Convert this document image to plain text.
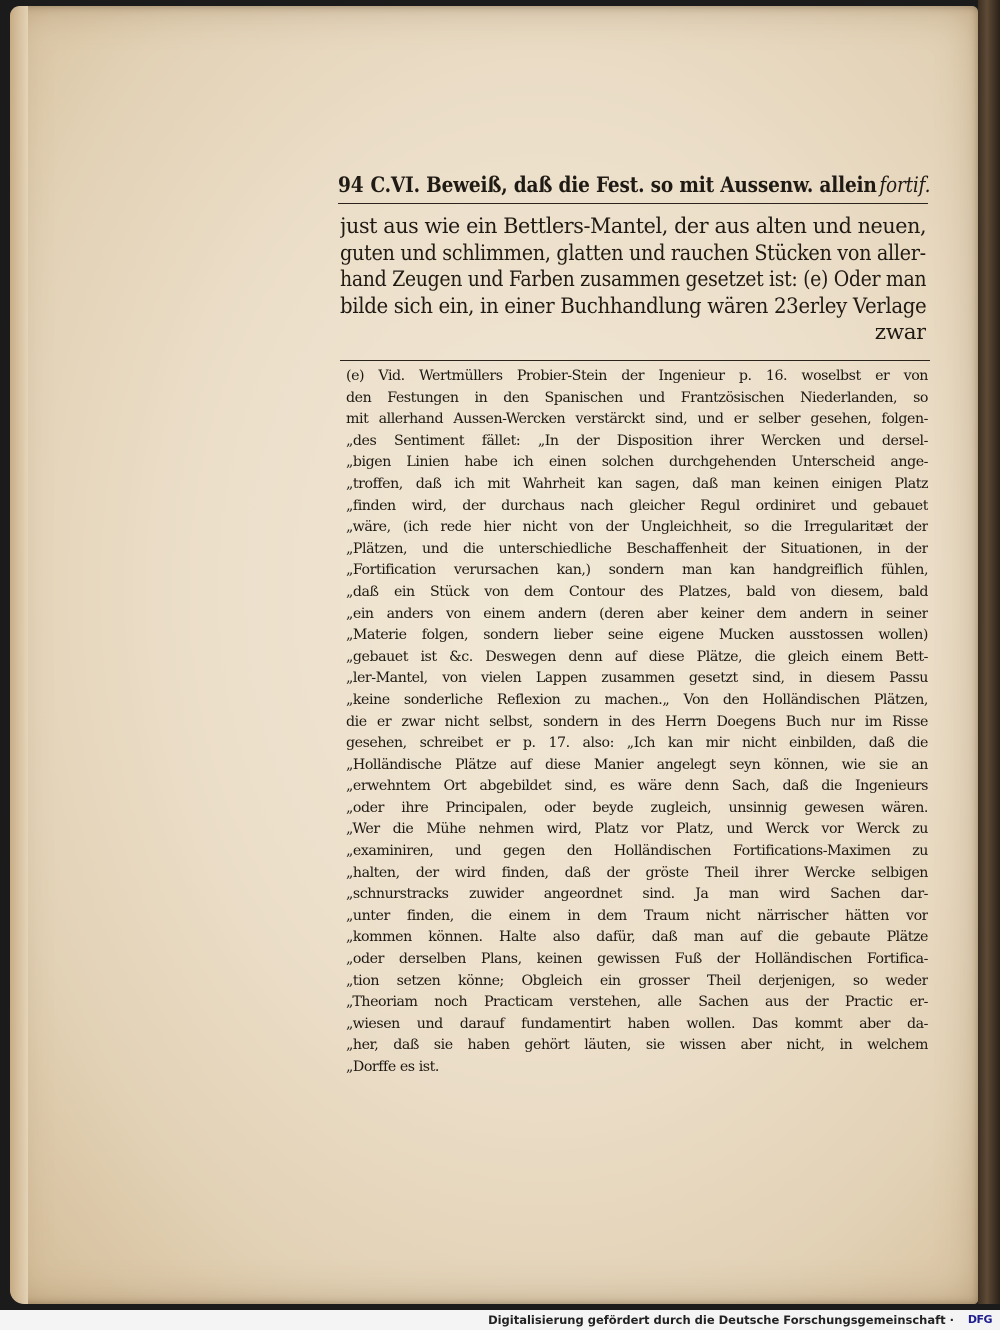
94 C.VI. Beweiß, daß die Fest. so mit Aussenw. allein fortif.
just aus wie ein Bettlers-Mantel, der aus alten und neuen,
guten und schlimmen, glatten und rauchen Stücken von aller-
hand Zeugen und Farben zusammen gesetzet ist: (e) Oder man
bilde sich ein, in einer Buchhandlung wären 23erley Verlage
zwar
(e) Vid. Wertmüllers Probier-Stein der Ingenieur p. 16. woselbst er von
den Festungen in den Spanischen und Frantzösischen Niederlanden, so
mit allerhand Aussen-Wercken verstärckt sind, und er selber gesehen, folgen-
„des Sentiment fället: „In der Disposition ihrer Wercken und dersel-
„bigen Linien habe ich einen solchen durchgehenden Unterscheid ange-
„troffen, daß ich mit Wahrheit kan sagen, daß man keinen einigen Platz
„finden wird, der durchaus nach gleicher Regul ordiniret und gebauet
„wäre, (ich rede hier nicht von der Ungleichheit, so die Irregularitæt der
„Plätzen, und die unterschiedliche Beschaffenheit der Situationen, in der
„Fortification verursachen kan,) sondern man kan handgreiflich fühlen,
„daß ein Stück von dem Contour des Platzes, bald von diesem, bald
„ein anders von einem andern (deren aber keiner dem andern in seiner
„Materie folgen, sondern lieber seine eigene Mucken ausstossen wollen)
„gebauet ist &c. Deswegen denn auf diese Plätze, die gleich einem Bett-
„ler-Mantel, von vielen Lappen zusammen gesetzt sind, in diesem Passu
„keine sonderliche Reflexion zu machen.„ Von den Holländischen Plätzen,
die er zwar nicht selbst, sondern in des Herrn Doegens Buch nur im Risse
gesehen, schreibet er p. 17. also: „Ich kan mir nicht einbilden, daß die
„Holländische Plätze auf diese Manier angelegt seyn können, wie sie an
„erwehntem Ort abgebildet sind, es wäre denn Sach, daß die Ingenieurs
„oder ihre Principalen, oder beyde zugleich, unsinnig gewesen wären.
„Wer die Mühe nehmen wird, Platz vor Platz, und Werck vor Werck zu
„examiniren, und gegen den Holländischen Fortifications-Maximen zu
„halten, der wird finden, daß der gröste Theil ihrer Wercke selbigen
„schnurstracks zuwider angeordnet sind. Ja man wird Sachen dar-
„unter finden, die einem in dem Traum nicht närrischer hätten vor
„kommen können. Halte also dafür, daß man auf die gebaute Plätze
„oder derselben Plans, keinen gewissen Fuß der Holländischen Fortifica-
„tion setzen könne; Obgleich ein grosser Theil derjenigen, so weder
„Theoriam noch Practicam verstehen, alle Sachen aus der Practic er-
„wiesen und darauf fundamentirt haben wollen. Das kommt aber da-
„her, daß sie haben gehört läuten, sie wissen aber nicht, in welchem
„Dorffe es ist.
Digitalisierung gefördert durch die Deutsche Forschungsgemeinschaft · DFG
